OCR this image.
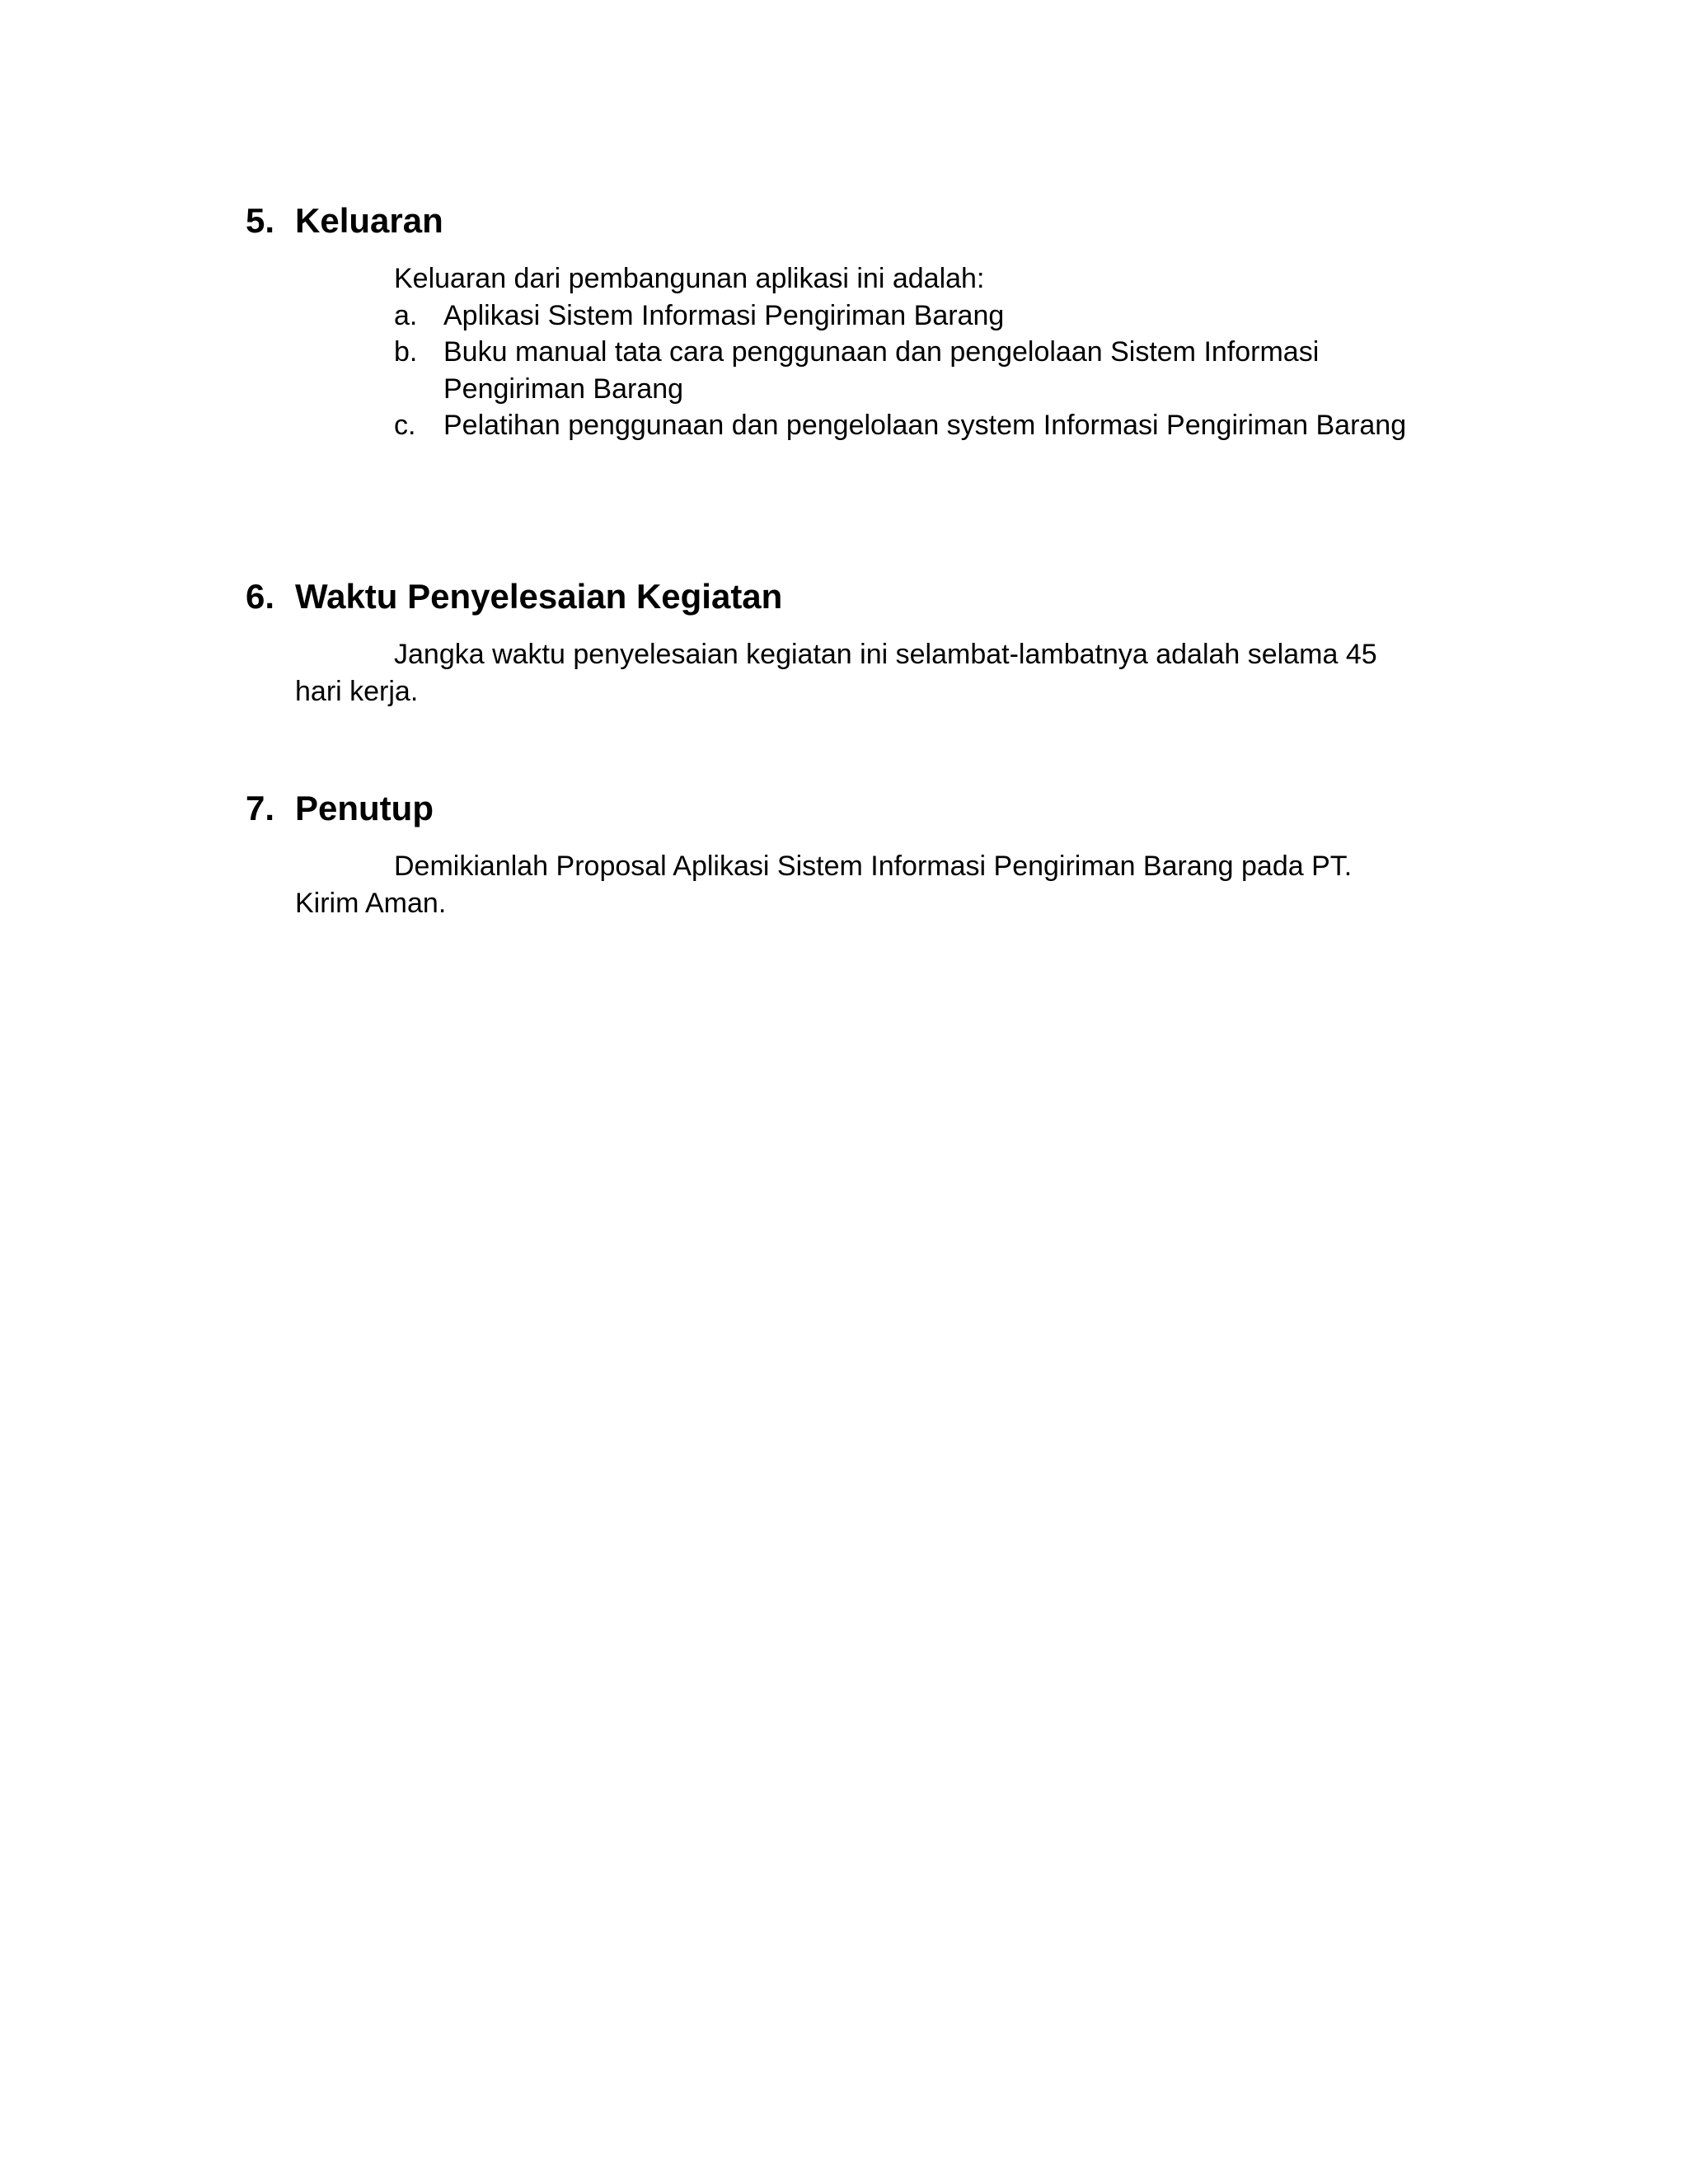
5. Keluaran
Keluaran dari pembangunan aplikasi ini adalah:
a. Aplikasi Sistem Informasi Pengiriman Barang
b. Buku manual tata cara penggunaan dan pengelolaan Sistem Informasi Pengiriman Barang
c. Pelatihan penggunaan dan pengelolaan system Informasi Pengiriman Barang
6. Waktu Penyelesaian Kegiatan

Jangka waktu penyelesaian kegiatan ini selambat-lambatnya adalah selama 45 hari kerja.

7. Penutup

Demikianlah Proposal Aplikasi Sistem Informasi Pengiriman Barang pada PT. Kirim Aman.
